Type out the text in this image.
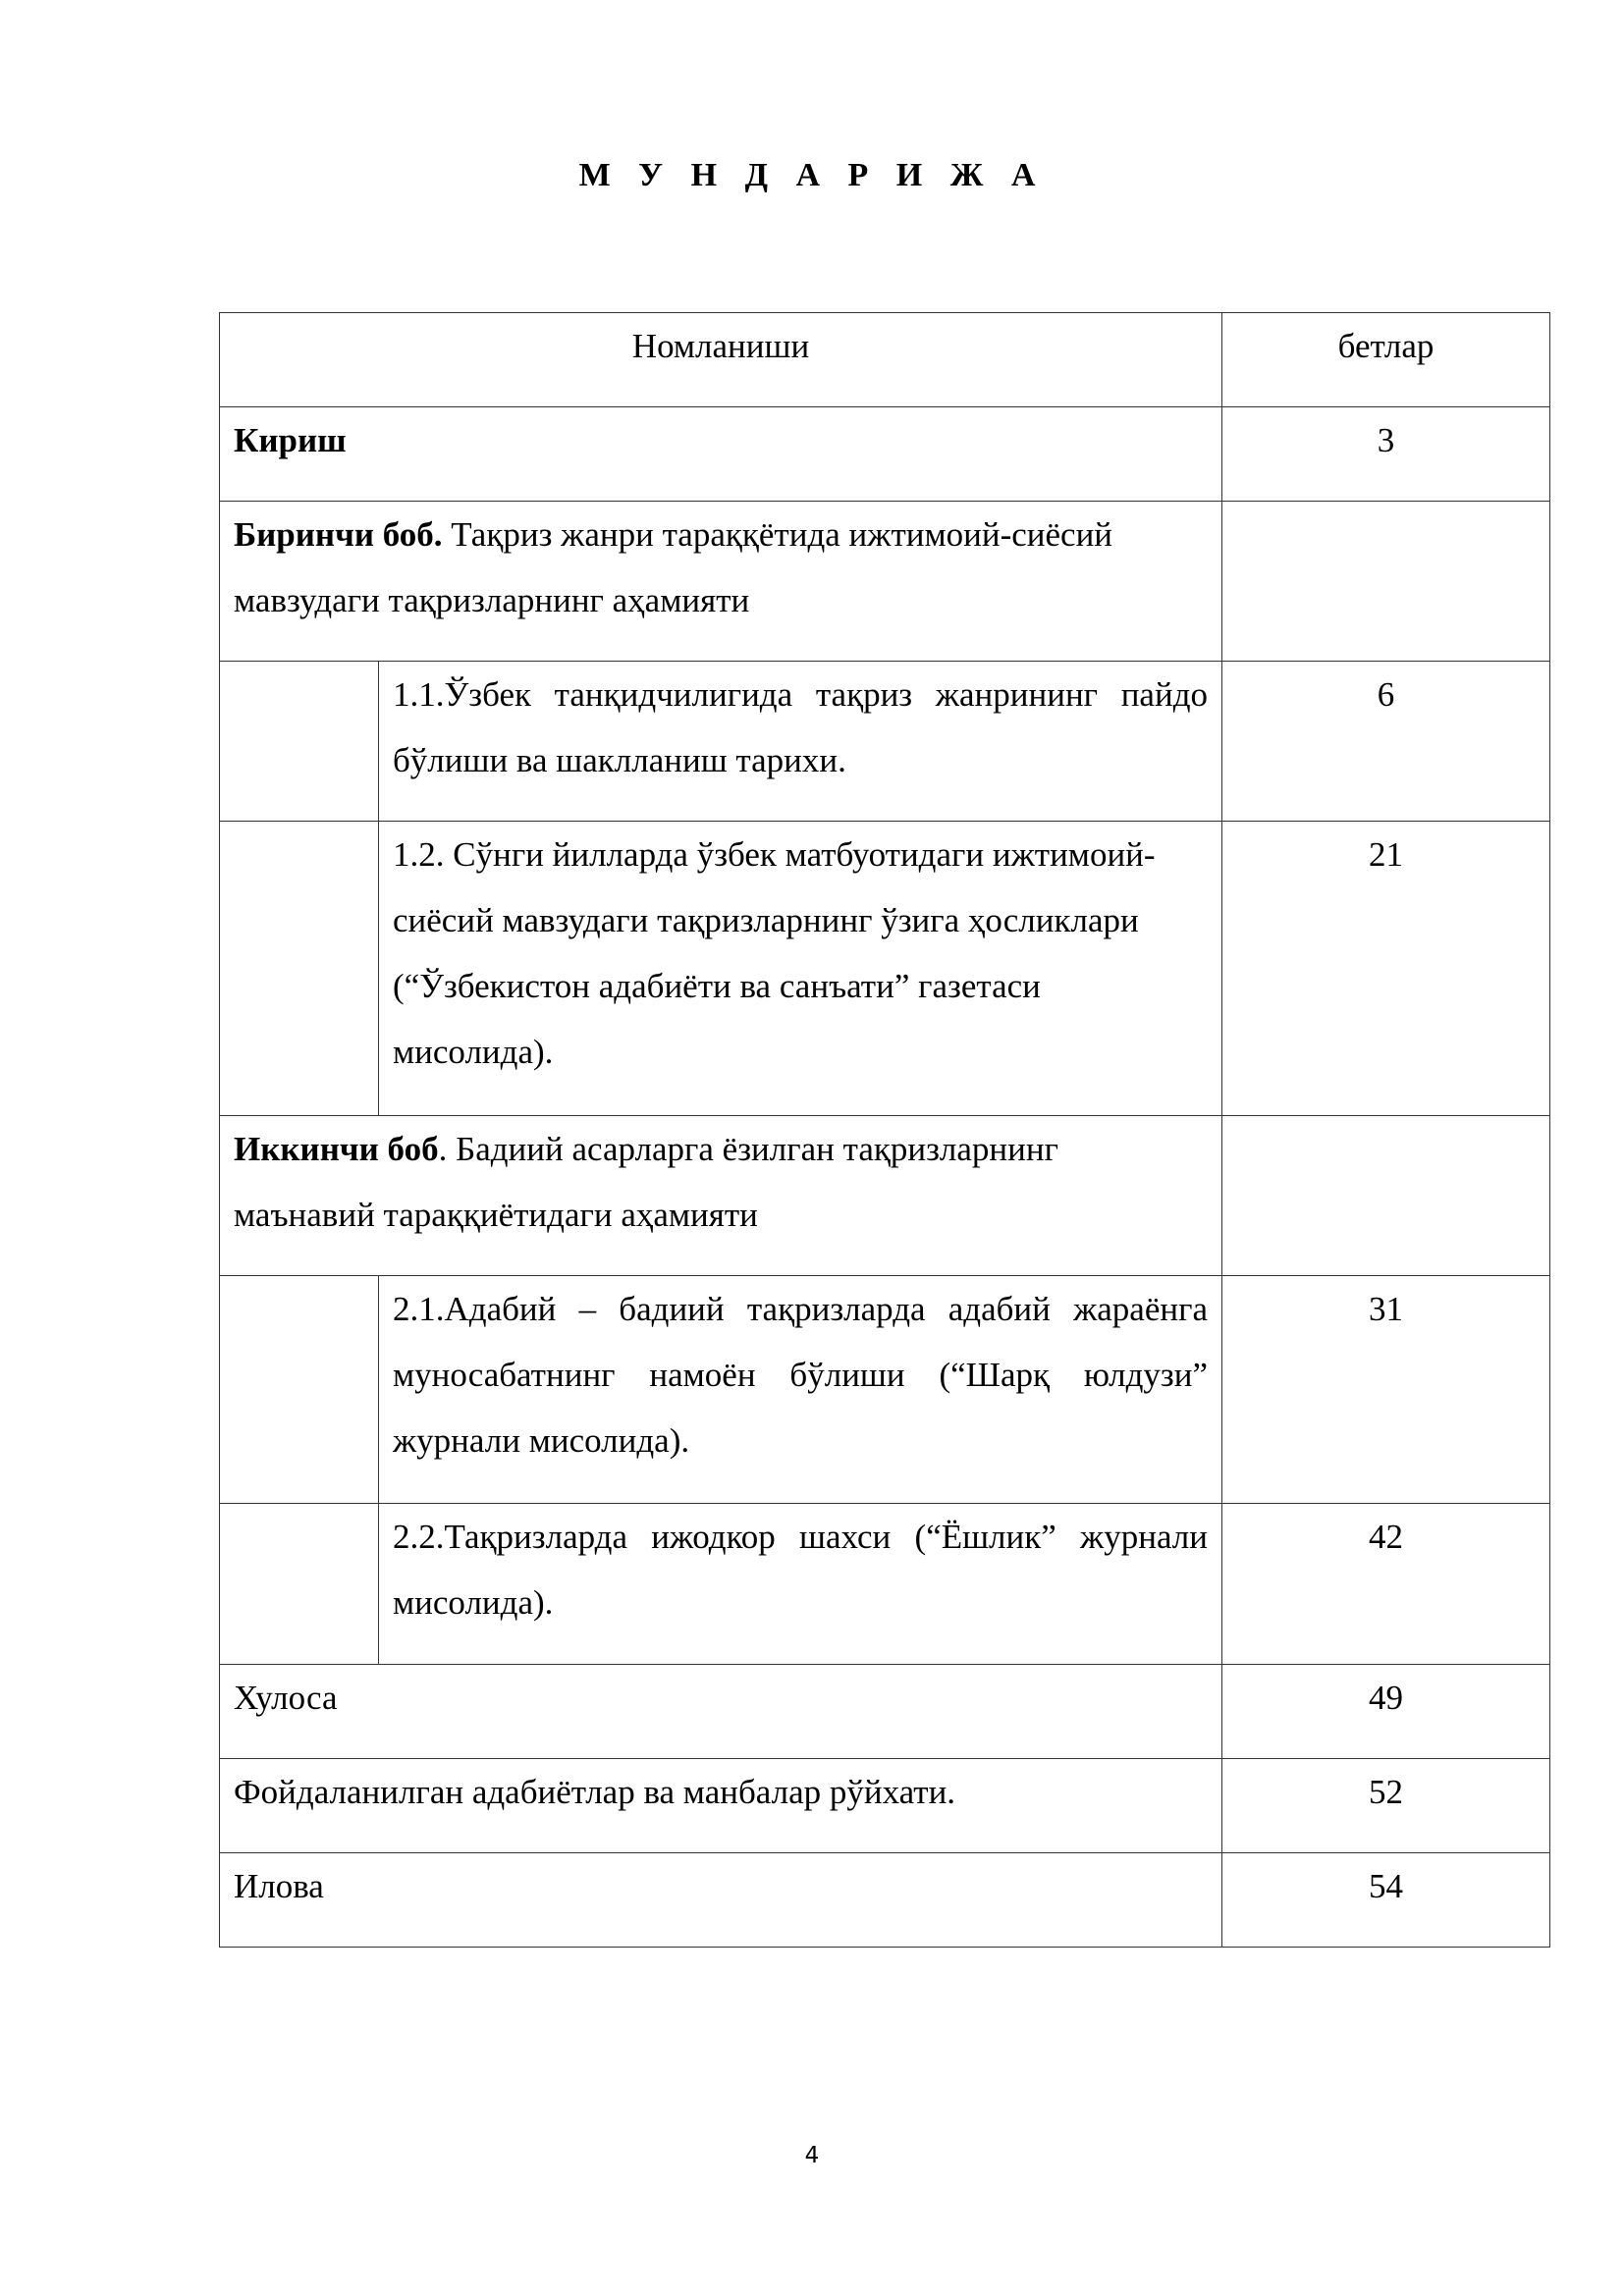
М У Н Д А Р И Ж А
Номланиши		бетлар
Кириш		3
Биринчи боб. Тақриз жанри тараққётида ижтимоий-сиёсий мавзудаги тақризларнинг аҳамияти		
	1.1.Ўзбек танқидчилигида тақриз жанрининг пайдо бўлиши ва шаклланиш тарихи.	6
	1.2. Сўнги йилларда ўзбек матбуотидаги ижтимоий-сиёсий мавзудаги тақризларнинг ўзига ҳосликлари (“Ўзбекистон адабиёти ва санъати” газетаси мисолида).	21
Иккинчи боб. Бадиий асарларга ёзилган тақризларнинг маънавий тараққиётидаги аҳамияти		
	2.1.Адабий – бадиий тақризларда адабий жараёнга муносабатнинг намоён бўлиши (“Шарқ юлдузи” журнали мисолида).	31
	2.2.Тақризларда ижодкор шахси (“Ёшлик” журнали мисолида).	42
Хулоса		49
Фойдаланилган адабиётлар ва манбалар рўйхати.		52
Илова		54
4
